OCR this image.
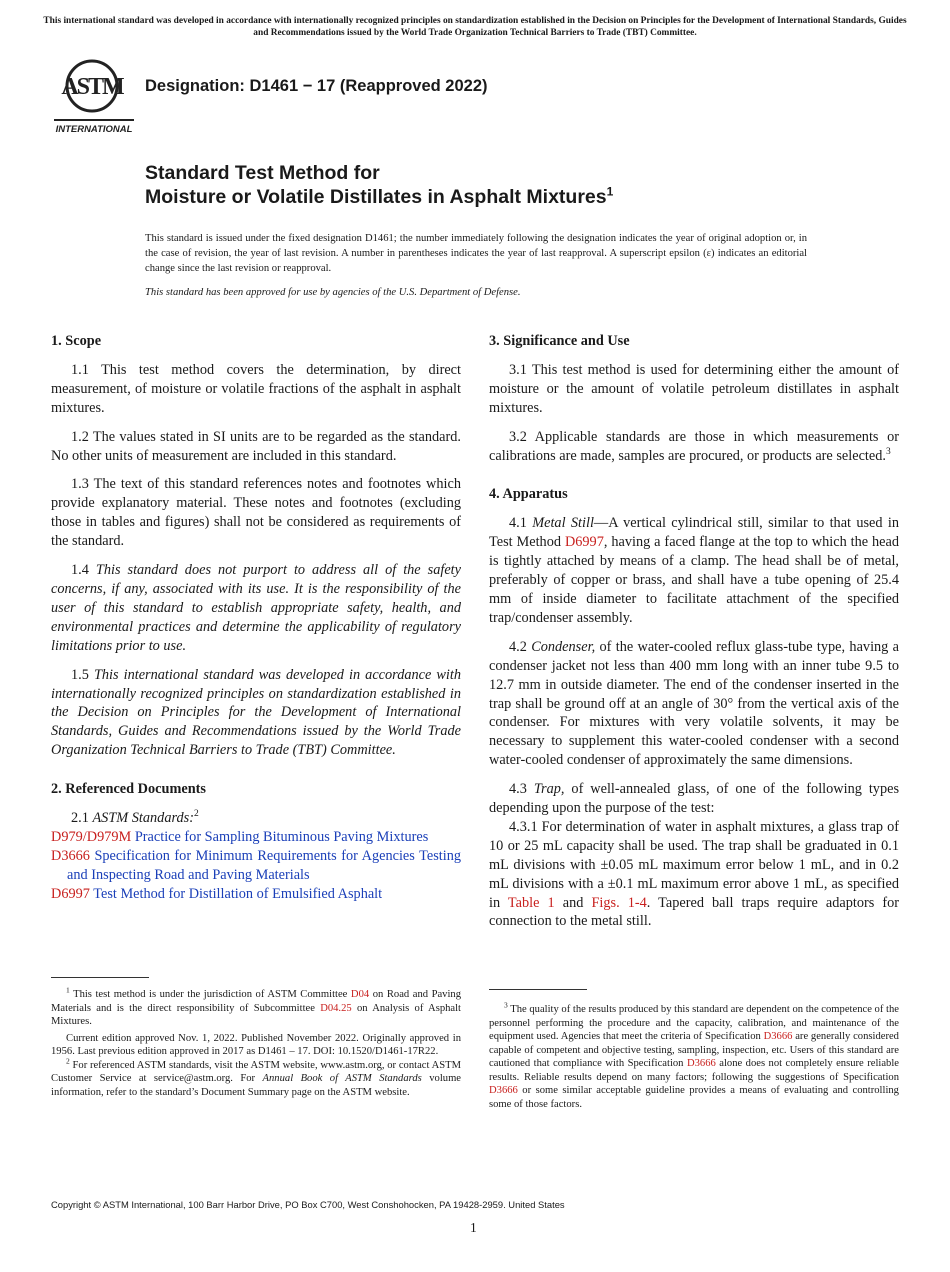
This international standard was developed in accordance with internationally recognized principles on standardization established in the Decision on Principles for the Development of International Standards, Guides and Recommendations issued by the World Trade Organization Technical Barriers to Trade (TBT) Committee.
ASTM
INTERNATIONAL
Designation: D1461 − 17 (Reapproved 2022)
Standard Test Method for
Moisture or Volatile Distillates in Asphalt Mixtures$^1$
This standard is issued under the fixed designation D1461; the number immediately following the designation indicates the year of original adoption or, in the case of revision, the year of last revision. A number in parentheses indicates the year of last reapproval. A superscript epsilon (ε) indicates an editorial change since the last revision or reapproval.
This standard has been approved for use by agencies of the U.S. Department of Defense.
1. Scope

1.1 This test method covers the determination, by direct measurement, of moisture or volatile fractions of the asphalt in asphalt mixtures.

1.2 The values stated in SI units are to be regarded as the standard. No other units of measurement are included in this standard.

1.3 The text of this standard references notes and footnotes which provide explanatory material. These notes and footnotes (excluding those in tables and figures) shall not be considered as requirements of the standard.

1.4 This standard does not purport to address all of the safety concerns, if any, associated with its use. It is the responsibility of the user of this standard to establish appropriate safety, health, and environmental practices and determine the applicability of regulatory limitations prior to use.

1.5 This international standard was developed in accordance with internationally recognized principles on standardization established in the Decision on Principles for the Development of International Standards, Guides and Recommendations issued by the World Trade Organization Technical Barriers to Trade (TBT) Committee.

2. Referenced Documents

2.1 ASTM Standards:$^2$

D979/D979M Practice for Sampling Bituminous Paving Mixtures

D3666 Specification for Minimum Requirements for Agencies Testing and Inspecting Road and Paving Materials

D6997 Test Method for Distillation of Emulsified Asphalt

3. Significance and Use

3.1 This test method is used for determining either the amount of moisture or the amount of volatile petroleum distillates in asphalt mixtures.

3.2 Applicable standards are those in which measurements or calibrations are made, samples are procured, or products are selected.$^3$

4. Apparatus

4.1 Metal Still—A vertical cylindrical still, similar to that used in Test Method D6997, having a faced flange at the top to which the head is tightly attached by means of a clamp. The head shall be of metal, preferably of copper or brass, and shall have a tube opening of 25.4 mm of inside diameter to facilitate attachment of the specified trap/condenser assembly.

4.2 Condenser, of the water-cooled reflux glass-tube type, having a condenser jacket not less than 400 mm long with an inner tube 9.5 to 12.7 mm in outside diameter. The end of the condenser inserted in the trap shall be ground off at an angle of 30° from the vertical axis of the condenser. For mixtures with very volatile solvents, it may be necessary to supplement this water-cooled condenser with a second water-cooled condenser of approximately the same dimensions.

4.3 Trap, of well-annealed glass, of one of the following types depending upon the purpose of the test:

4.3.1 For determination of water in asphalt mixtures, a glass trap of 10 or 25 mL capacity shall be used. The trap shall be graduated in 0.1 mL divisions with ±0.05 mL maximum error below 1 mL, and in 0.2 mL divisions with a ±0.1 mL maximum error above 1 mL, as specified in Table 1 and Figs. 1-4. Tapered ball traps require adaptors for connection to the metal still.

$^1$ This test method is under the jurisdiction of ASTM Committee D04 on Road and Paving Materials and is the direct responsibility of Subcommittee D04.25 on Analysis of Asphalt Mixtures.

Current edition approved Nov. 1, 2022. Published November 2022. Originally approved in 1956. Last previous edition approved in 2017 as D1461 – 17. DOI: 10.1520/D1461-17R22.

$^2$ For referenced ASTM standards, visit the ASTM website, www.astm.org, or contact ASTM Customer Service at service@astm.org. For Annual Book of ASTM Standards volume information, refer to the standard’s Document Summary page on the ASTM website.

$^3$ The quality of the results produced by this standard are dependent on the competence of the personnel performing the procedure and the capacity, calibration, and maintenance of the equipment used. Agencies that meet the criteria of Specification D3666 are generally considered capable of competent and objective testing, sampling, inspection, etc. Users of this standard are cautioned that compliance with Specification D3666 alone does not completely ensure reliable results. Reliable results depend on many factors; following the suggestions of Specification D3666 or some similar acceptable guideline provides a means of evaluating and controlling some of those factors.

Copyright © ASTM International, 100 Barr Harbor Drive, PO Box C700, West Conshohocken, PA 19428-2959. United States
1
